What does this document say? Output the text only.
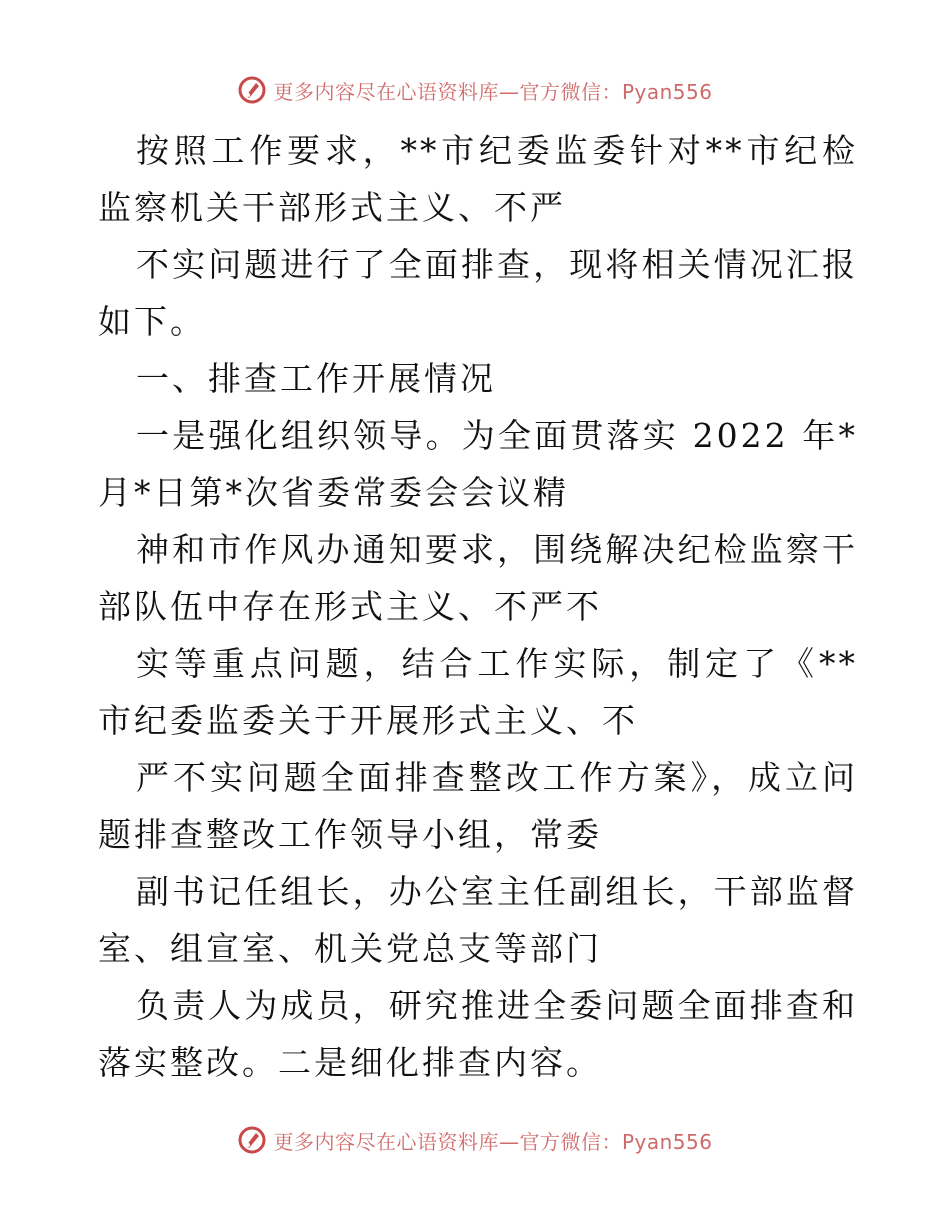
更多内容尽在心语资料库—官方微信：Pyan556

按照工作要求，**市纪委监委针对**市纪检监察机关干部形式主义、不严

不实问题进行了全面排查，现将相关情况汇报如下。

一、排查工作开展情况

一是强化组织领导。为全面贯落实 2022 年*月*日第*次省委常委会会议精

神和市作风办通知要求，围绕解决纪检监察干部队伍中存在形式主义、不严不

实等重点问题，结合工作实际，制定了《**市纪委监委关于开展形式主义、不

严不实问题全面排查整改工作方案》，成立问题排查整改工作领导小组，常委

副书记任组长，办公室主任副组长，干部监督室、组宣室、机关党总支等部门

负责人为成员，研究推进全委问题全面排查和落实整改。二是细化排查内容。

更多内容尽在心语资料库—官方微信：Pyan556
